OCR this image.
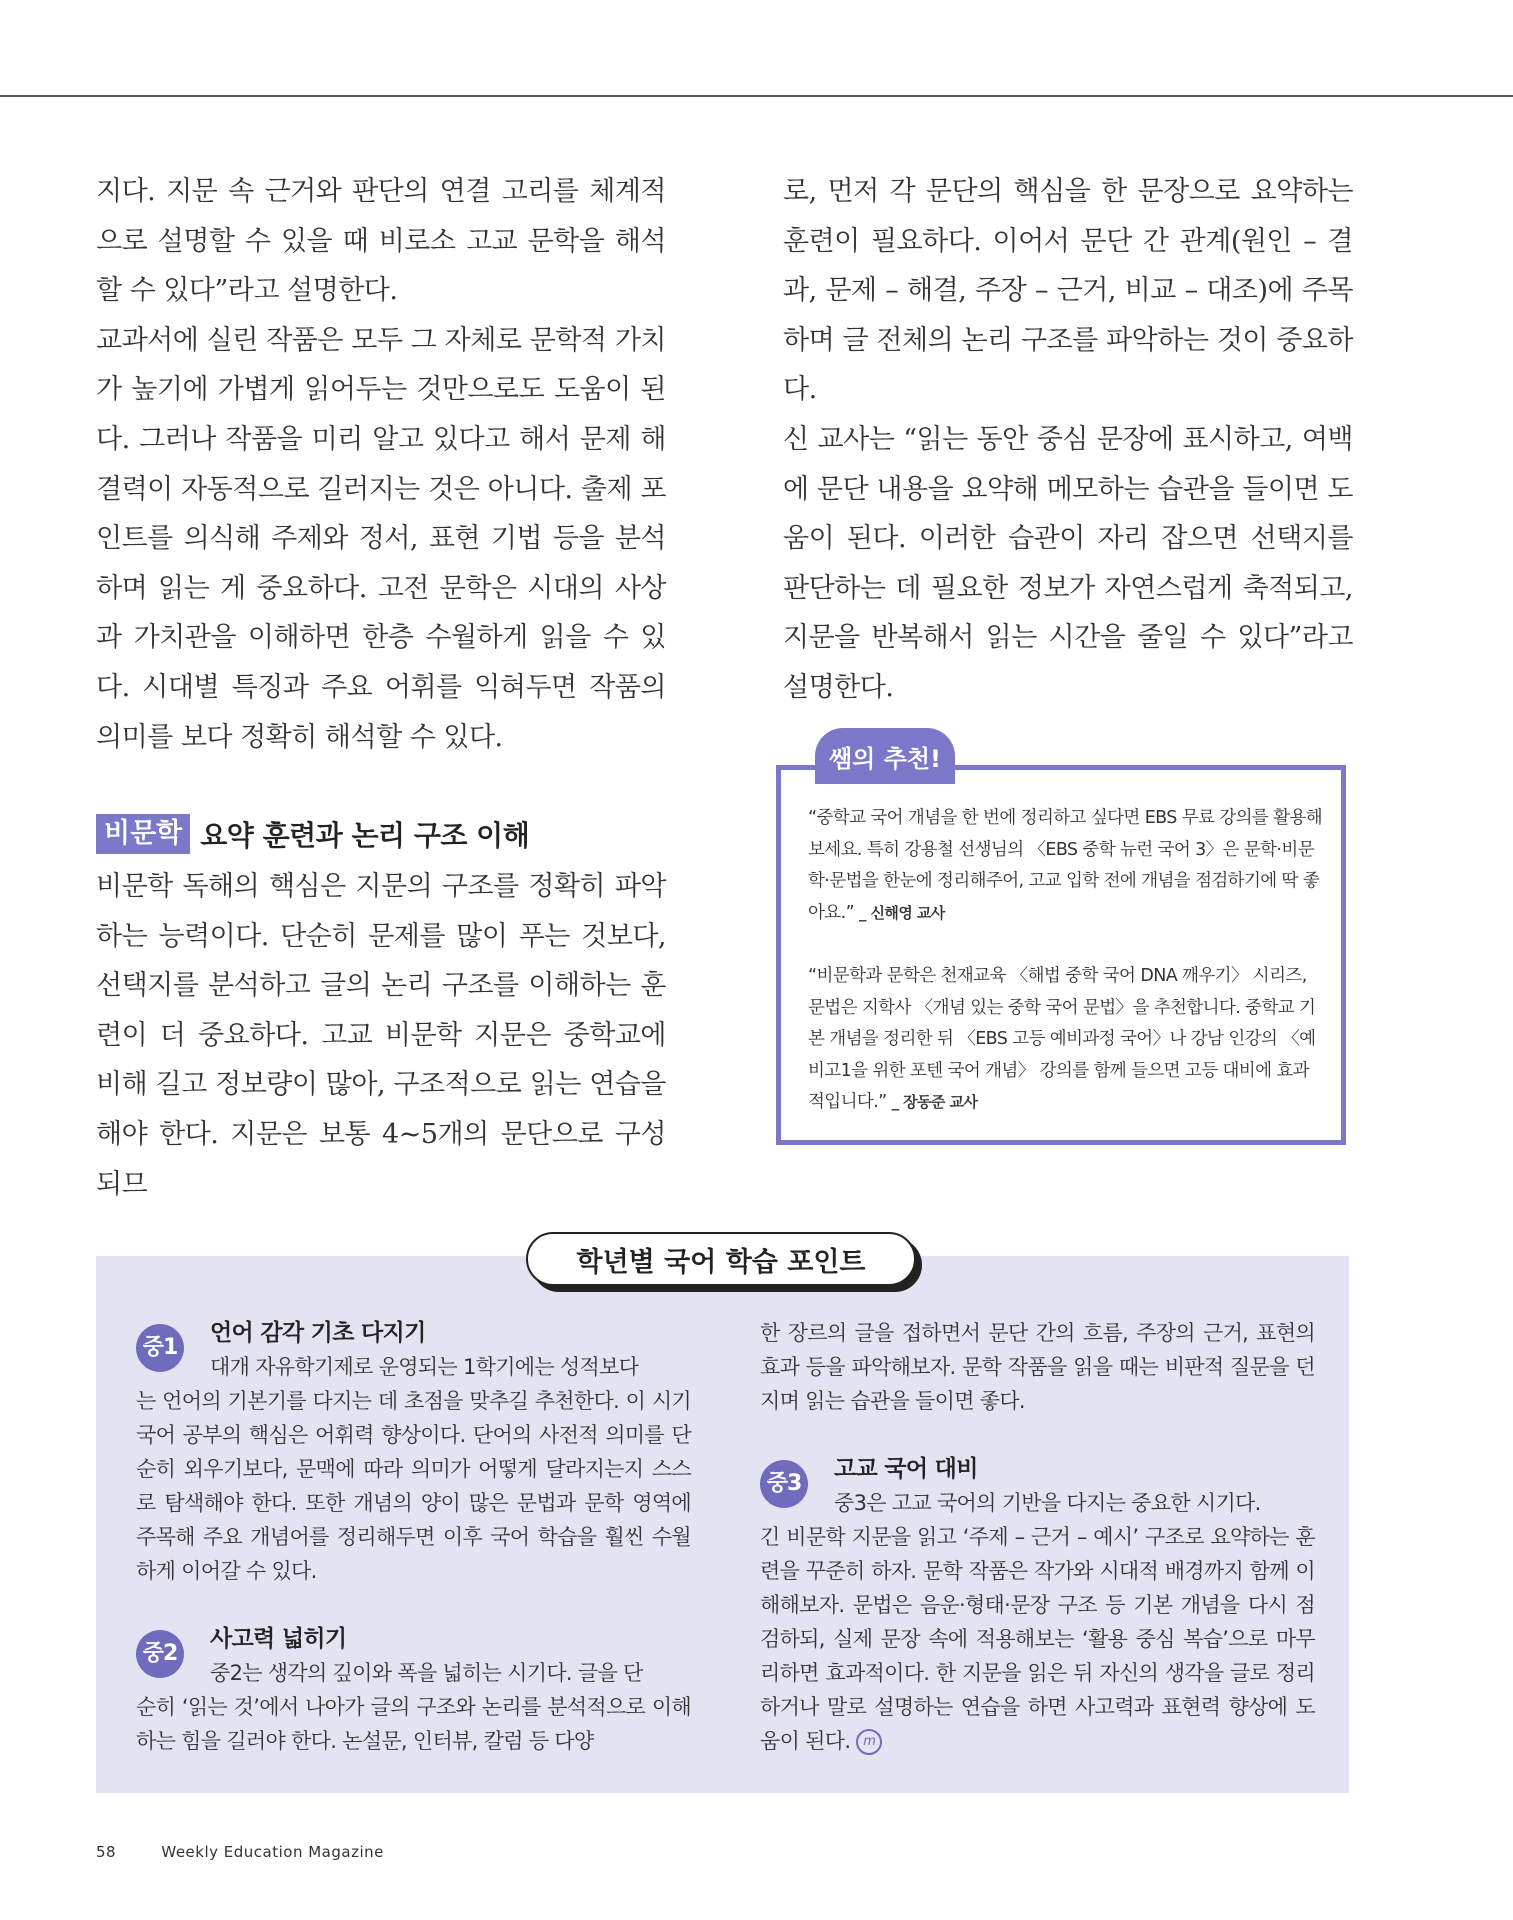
지다. 지문 속 근거와 판단의 연결 고리를 체계적으로 설명할 수 있을 때 비로소 고교 문학을 해석할 수 있다”라고 설명한다.

교과서에 실린 작품은 모두 그 자체로 문학적 가치가 높기에 가볍게 읽어두는 것만으로도 도움이 된다. 그러나 작품을 미리 알고 있다고 해서 문제 해결력이 자동적으로 길러지는 것은 아니다. 출제 포인트를 의식해 주제와 정서, 표현 기법 등을 분석하며 읽는 게 중요하다. 고전 문학은 시대의 사상과 가치관을 이해하면 한층 수월하게 읽을 수 있다. 시대별 특징과 주요 어휘를 익혀두면 작품의 의미를 보다 정확히 해석할 수 있다.

비문학 요약 훈련과 논리 구조 이해

비문학 독해의 핵심은 지문의 구조를 정확히 파악하는 능력이다. 단순히 문제를 많이 푸는 것보다, 선택지를 분석하고 글의 논리 구조를 이해하는 훈련이 더 중요하다. 고교 비문학 지문은 중학교에 비해 길고 정보량이 많아, 구조적으로 읽는 연습을 해야 한다. 지문은 보통 4~5개의 문단으로 구성되므

로, 먼저 각 문단의 핵심을 한 문장으로 요약하는 훈련이 필요하다. 이어서 문단 간 관계(원인 – 결과, 문제 – 해결, 주장 – 근거, 비교 – 대조)에 주목하며 글 전체의 논리 구조를 파악하는 것이 중요하다.

신 교사는 “읽는 동안 중심 문장에 표시하고, 여백에 문단 내용을 요약해 메모하는 습관을 들이면 도움이 된다. 이러한 습관이 자리 잡으면 선택지를 판단하는 데 필요한 정보가 자연스럽게 축적되고, 지문을 반복해서 읽는 시간을 줄일 수 있다”라고 설명한다.

쌤의 추천!

“중학교 국어 개념을 한 번에 정리하고 싶다면 EBS 무료 강의를 활용해보세요. 특히 강용철 선생님의 〈EBS 중학 뉴런 국어 3〉은 문학·비문학·문법을 한눈에 정리해주어, 고교 입학 전에 개념을 점검하기에 딱 좋아요.” _ 신해영 교사

“비문학과 문학은 천재교육 〈해법 중학 국어 DNA 깨우기〉 시리즈, 문법은 지학사 〈개념 있는 중학 국어 문법〉을 추천합니다. 중학교 기본 개념을 정리한 뒤 〈EBS 고등 예비과정 국어〉나 강남 인강의 〈예비고1을 위한 포텐 국어 개념〉 강의를 함께 들으면 고등 대비에 효과적입니다.” _ 장동준 교사

학년별 국어 학습 포인트
중1
언어 감각 기초 다지기
대개 자유학기제로 운영되는 1학기에는 성적보다

는 언어의 기본기를 다지는 데 초점을 맞추길 추천한다. 이 시기 국어 공부의 핵심은 어휘력 향상이다. 단어의 사전적 의미를 단순히 외우기보다, 문맥에 따라 의미가 어떻게 달라지는지 스스로 탐색해야 한다. 또한 개념의 양이 많은 문법과 문학 영역에 주목해 주요 개념어를 정리해두면 이후 국어 학습을 훨씬 수월하게 이어갈 수 있다.

중2
사고력 넓히기
중2는 생각의 깊이와 폭을 넓히는 시기다. 글을 단

순히 ‘읽는 것’에서 나아가 글의 구조와 논리를 분석적으로 이해하는 힘을 길러야 한다. 논설문, 인터뷰, 칼럼 등 다양

한 장르의 글을 접하면서 문단 간의 흐름, 주장의 근거, 표현의 효과 등을 파악해보자. 문학 작품을 읽을 때는 비판적 질문을 던지며 읽는 습관을 들이면 좋다.

중3
고교 국어 대비
중3은 고교 국어의 기반을 다지는 중요한 시기다.

긴 비문학 지문을 읽고 ‘주제 – 근거 – 예시’ 구조로 요약하는 훈련을 꾸준히 하자. 문학 작품은 작가와 시대적 배경까지 함께 이해해보자. 문법은 음운·형태·문장 구조 등 기본 개념을 다시 점검하되, 실제 문장 속에 적용해보는 ‘활용 중심 복습’으로 마무리하면 효과적이다. 한 지문을 읽은 뒤 자신의 생각을 글로 정리하거나 말로 설명하는 연습을 하면 사고력과 표현력 향상에 도움이 된다. m

58	Weekly Education Magazine
